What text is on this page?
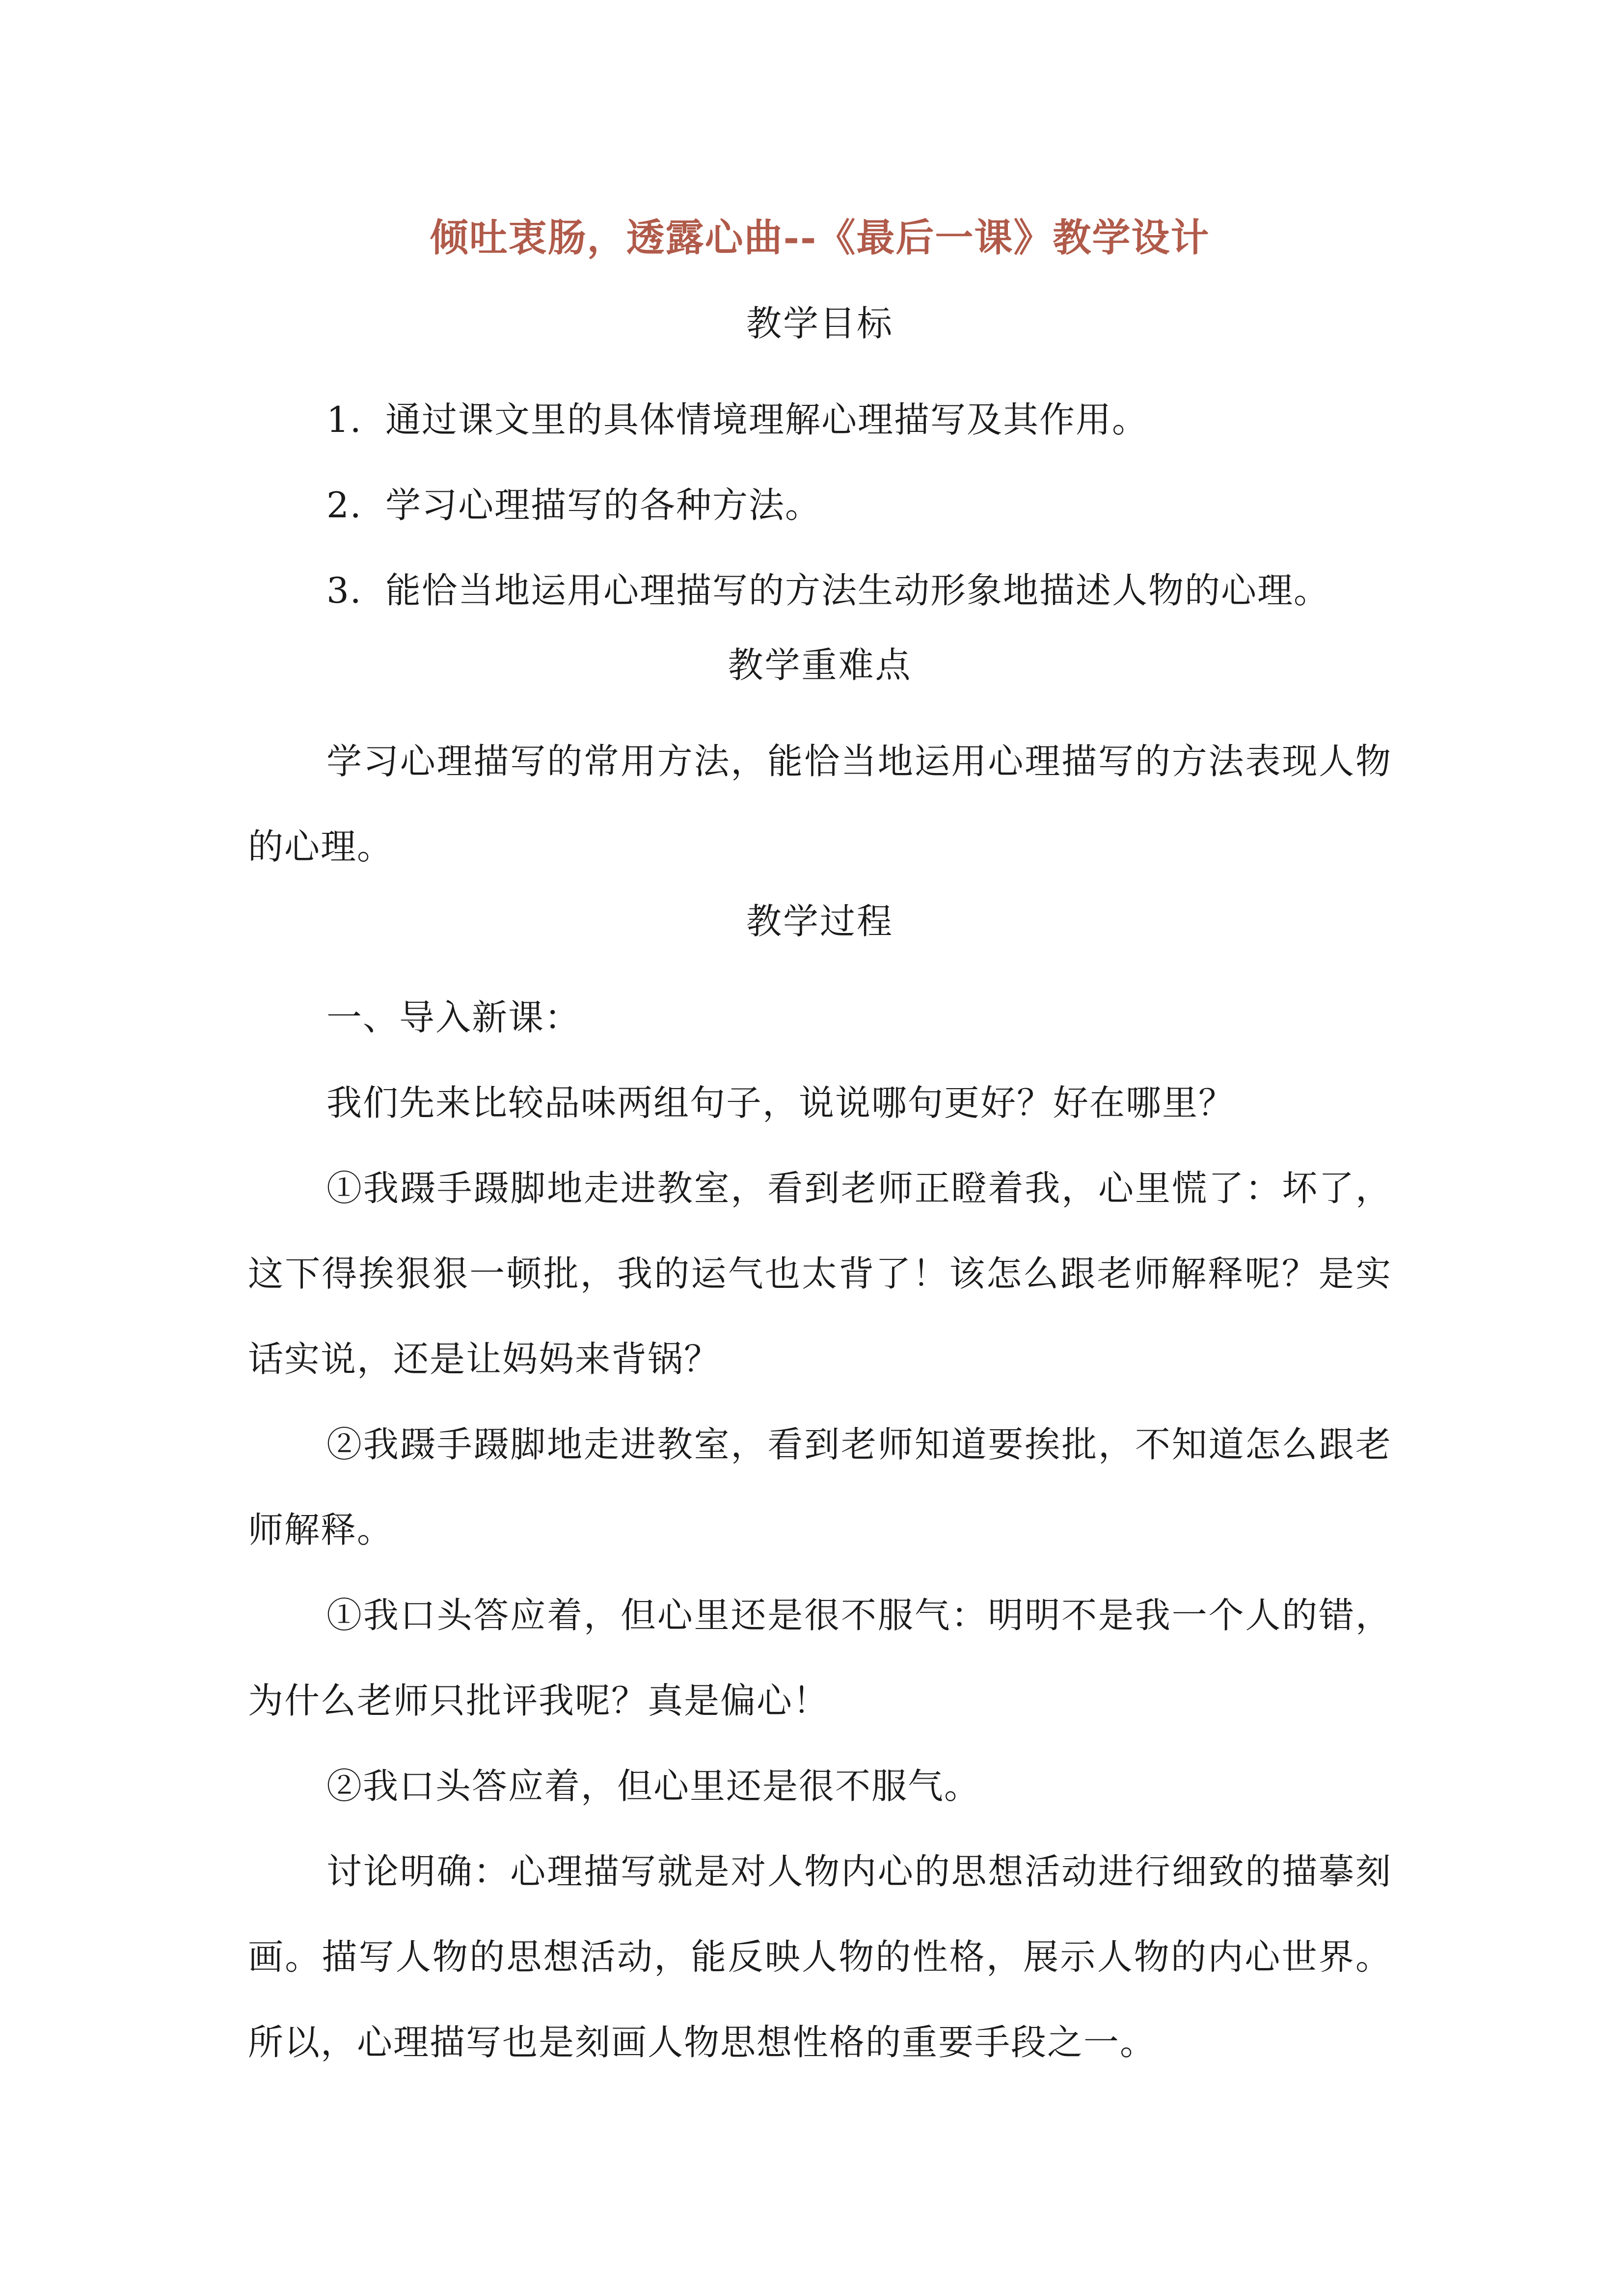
倾吐衷肠，透露心曲--《最后一课》教学设计
教学目标

1. 通过课文里的具体情境理解心理描写及其作用。

2. 学习心理描写的各种方法。

3. 能恰当地运用心理描写的方法生动形象地描述人物的心理。

教学重难点

学习心理描写的常用方法，能恰当地运用心理描写的方法表现人物的心理。

教学过程

一、导入新课：

我们先来比较品味两组句子，说说哪句更好？好在哪里？

①我蹑手蹑脚地走进教室，看到老师正瞪着我，心里慌了：坏了，这下得挨狠狠一顿批，我的运气也太背了！该怎么跟老师解释呢？是实话实说，还是让妈妈来背锅？

②我蹑手蹑脚地走进教室，看到老师知道要挨批，不知道怎么跟老师解释。

①我口头答应着，但心里还是很不服气：明明不是我一个人的错，为什么老师只批评我呢？真是偏心！

②我口头答应着，但心里还是很不服气。

讨论明确：心理描写就是对人物内心的思想活动进行细致的描摹刻画。描写人物的思想活动，能反映人物的性格，展示人物的内心世界。所以，心理描写也是刻画人物思想性格的重要手段之一。
